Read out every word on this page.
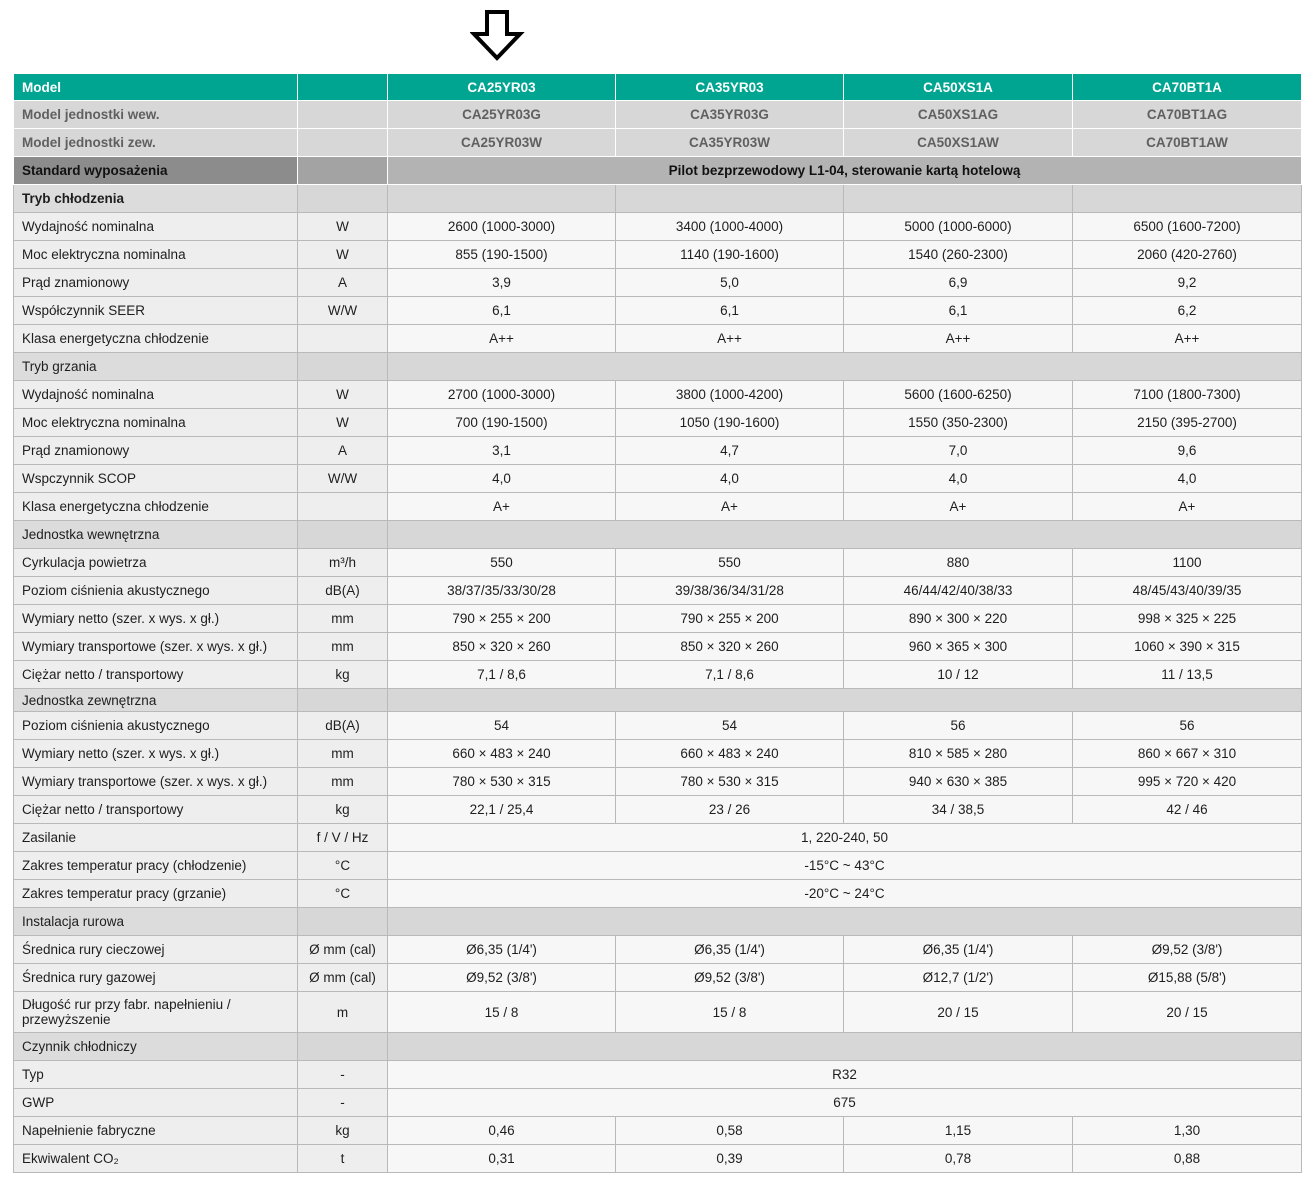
Model		CA25YR03	CA35YR03	CA50XS1A	CA70BT1A
Model jednostki wew.		CA25YR03G	CA35YR03G	CA50XS1AG	CA70BT1AG
Model jednostki zew.		CA25YR03W	CA35YR03W	CA50XS1AW	CA70BT1AW
Standard wyposażenia		Pilot bezprzewodowy L1-04, sterowanie kartą hotelową			
Tryb chłodzenia					
Wydajność nominalna	W	2600 (1000-3000)	3400 (1000-4000)	5000 (1000-6000)	6500 (1600-7200)
Moc elektryczna nominalna	W	855 (190-1500)	1140 (190-1600)	1540 (260-2300)	2060 (420-2760)
Prąd znamionowy	A	3,9	5,0	6,9	9,2
Współczynnik SEER	W/W	6,1	6,1	6,1	6,2
Klasa energetyczna chłodzenie		A++	A++	A++	A++
Tryb grzania					
Wydajność nominalna	W	2700 (1000-3000)	3800 (1000-4200)	5600 (1600-6250)	7100 (1800-7300)
Moc elektryczna nominalna	W	700 (190-1500)	1050 (190-1600)	1550 (350-2300)	2150 (395-2700)
Prąd znamionowy	A	3,1	4,7	7,0	9,6
Wspczynnik SCOP	W/W	4,0	4,0	4,0	4,0
Klasa energetyczna chłodzenie		A+	A+	A+	A+
Jednostka wewnętrzna					
Cyrkulacja powietrza	m³/h	550	550	880	1100
Poziom ciśnienia akustycznego	dB(A)	38/37/35/33/30/28	39/38/36/34/31/28	46/44/42/40/38/33	48/45/43/40/39/35
Wymiary netto (szer. x wys. x gł.)	mm	790 × 255 × 200	790 × 255 × 200	890 × 300 × 220	998 × 325 × 225
Wymiary transportowe (szer. x wys. x gł.)	mm	850 × 320 × 260	850 × 320 × 260	960 × 365 × 300	1060 × 390 × 315
Ciężar netto / transportowy	kg	7,1 / 8,6	7,1 / 8,6	10 / 12	11 / 13,5
Jednostka zewnętrzna					
Poziom ciśnienia akustycznego	dB(A)	54	54	56	56
Wymiary netto (szer. x wys. x gł.)	mm	660 × 483 × 240	660 × 483 × 240	810 × 585 × 280	860 × 667 × 310
Wymiary transportowe (szer. x wys. x gł.)	mm	780 × 530 × 315	780 × 530 × 315	940 × 630 × 385	995 × 720 × 420
Ciężar netto / transportowy	kg	22,1 / 25,4	23 / 26	34 / 38,5	42 / 46
Zasilanie	f / V / Hz	1, 220-240, 50			
Zakres temperatur pracy (chłodzenie)	°C	-15°C ~ 43°C			
Zakres temperatur pracy (grzanie)	°C	-20°C ~ 24°C			
Instalacja rurowa					
Średnica rury cieczowej	Ø mm (cal)	Ø6,35 (1/4')	Ø6,35 (1/4')	Ø6,35 (1/4')	Ø9,52 (3/8')
Średnica rury gazowej	Ø mm (cal)	Ø9,52 (3/8')	Ø9,52 (3/8')	Ø12,7 (1/2')	Ø15,88 (5/8')
Długość rur przy fabr. napełnieniu / przewyższenie	m	15 / 8	15 / 8	20 / 15	20 / 15
Czynnik chłodniczy					
Typ	-	R32			
GWP	-	675			
Napełnienie fabryczne	kg	0,46	0,58	1,15	1,30
Ekwiwalent CO₂	t	0,31	0,39	0,78	0,88
